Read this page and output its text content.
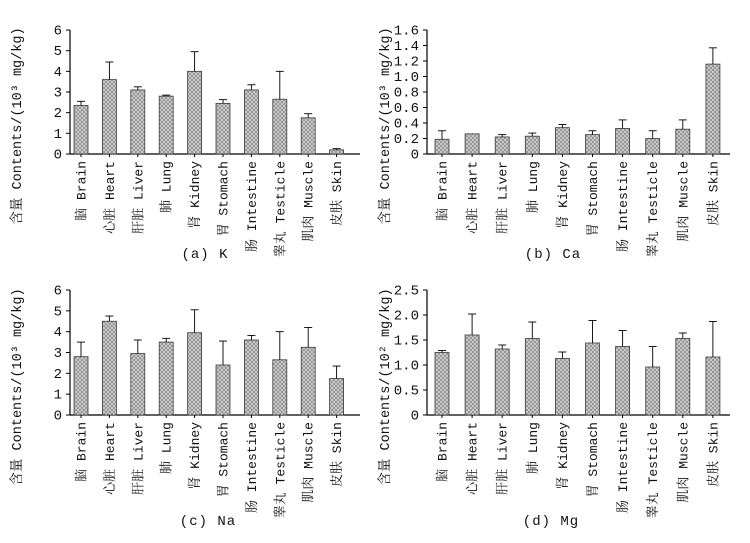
0
1
2
3
4
5
6
含量 Contents/(10³ mg/kg)	脑 Brain 心脏 Heart 肝脏 Liver 肺 Lung 肾 Kidney 胃 Stomach 肠 Intestine 睾丸 Testicle 肌肉 Muscle 皮肤 Skin
0
0.2
0.4
0.6
0.8
1.0
1.2
1.4
1.6
含量 Contents/(10³ mg/kg)	脑 Brain 心脏 Heart 肝脏 Liver 肺 Lung 肾 Kidney 胃 Stomach 肠 Intestine 睾丸 Testicle 肌肉 Muscle 皮肤 Skin
0
1
2
3
4
5
6
含量 Contents/(10³ mg/kg)	脑 Brain 心脏 Heart 肝脏 Liver 肺 Lung 肾 Kidney 胃 Stomach 肠 Intestine 睾丸 Testicle 肌肉 Muscle 皮肤 Skin
0
0.5
1.0
1.5
2.0
2.5
含量 Contents/(10² mg/kg)	脑 Brain 心脏 Heart 肝脏 Liver 肺 Lung 肾 Kidney 胃 Stomach 肠 Intestine 睾丸 Testicle 肌肉 Muscle 皮肤 Skin
(a) K	(b) Ca
(c) Na	(d) Mg
